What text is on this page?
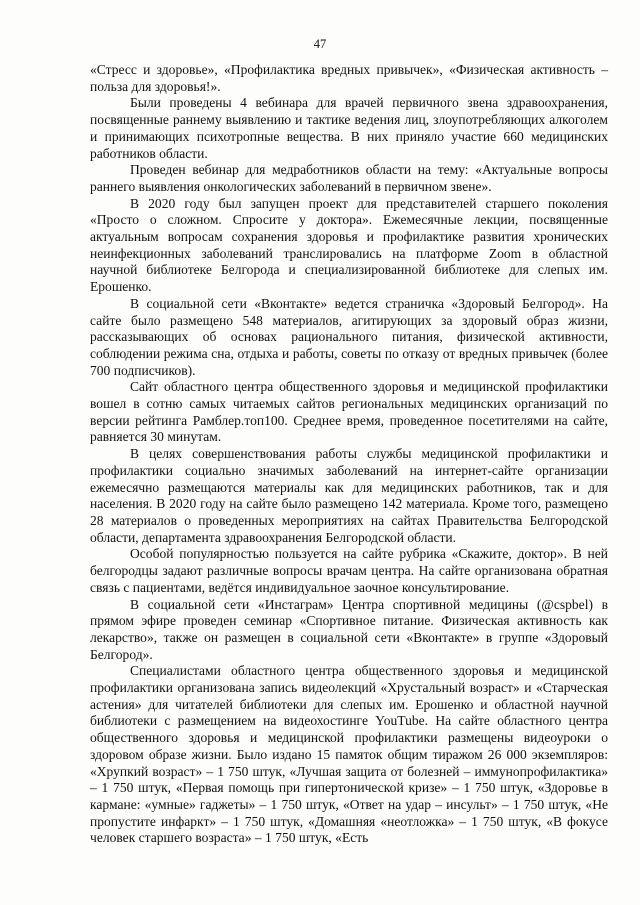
47

«Стресс и здоровье», «Профилактика вредных привычек», «Физическая активность – польза для здоровья!».

Были проведены 4 вебинара для врачей первичного звена здравоохранения, посвященные раннему выявлению и тактике ведения лиц, злоупотребляющих алкоголем и принимающих психотропные вещества. В них приняло участие 660 медицинских работников области.

Проведен вебинар для медработников области на тему: «Актуальные вопросы раннего выявления онкологических заболеваний в первичном звене».

В 2020 году был запущен проект для представителей старшего поколения «Просто о сложном. Спросите у доктора». Ежемесячные лекции, посвященные актуальным вопросам сохранения здоровья и профилактике развития хронических неинфекционных заболеваний транслировались на платформе Zoom в областной научной библиотеке Белгорода и специализированной библиотеке для слепых им. Ерошенко.

В социальной сети «Вконтакте» ведется страничка «Здоровый Белгород». На сайте было размещено 548 материалов, агитирующих за здоровый образ жизни, рассказывающих об основах рационального питания, физической активности, соблюдении режима сна, отдыха и работы, советы по отказу от вредных привычек (более 700 подписчиков).

Сайт областного центра общественного здоровья и медицинской профилактики вошел в сотню самых читаемых сайтов региональных медицинских организаций по версии рейтинга Рамблер.топ100. Среднее время, проведенное посетителями на сайте, равняется 30 минутам.

В целях совершенствования работы службы медицинской профилактики и профилактики социально значимых заболеваний на интернет-сайте организации ежемесячно размещаются материалы как для медицинских работников, так и для населения. В 2020 году на сайте было размещено 142 материала. Кроме того, размещено 28 материалов о проведенных мероприятиях на сайтах Правительства Белгородской области, департамента здравоохранения Белгородской области.

Особой популярностью пользуется на сайте рубрика «Скажите, доктор». В ней белгородцы задают различные вопросы врачам центра. На сайте организована обратная связь с пациентами, ведётся индивидуальное заочное консультирование.

В социальной сети «Инстаграм» Центра спортивной медицины (@cspbel) в прямом эфире проведен семинар «Спортивное питание. Физическая активность как лекарство», также он размещен в социальной сети «Вконтакте» в группе «Здоровый Белгород».

Специалистами областного центра общественного здоровья и медицинской профилактики организована запись видеолекций «Хрустальный возраст» и «Старческая астения» для читателей библиотеки для слепых им. Ерошенко и областной научной библиотеки с размещением на видеохостинге YouTube. На сайте областного центра общественного здоровья и медицинской профилактики размещены видеоуроки о здоровом образе жизни. Было издано 15 памяток общим тиражом 26 000 экземпляров: «Хрупкий возраст» – 1 750 штук, «Лучшая защита от болезней – иммунопрофилактика» – 1 750 штук, «Первая помощь при гипертонической кризе» – 1 750 штук, «Здоровье в кармане: «умные» гаджеты» – 1 750 штук, «Ответ на удар – инсульт» – 1 750 штук, «Не пропустите инфаркт» – 1 750 штук, «Домашняя «неотложка» – 1 750 штук, «В фокусе человек старшего возраста» – 1 750 штук, «Есть
